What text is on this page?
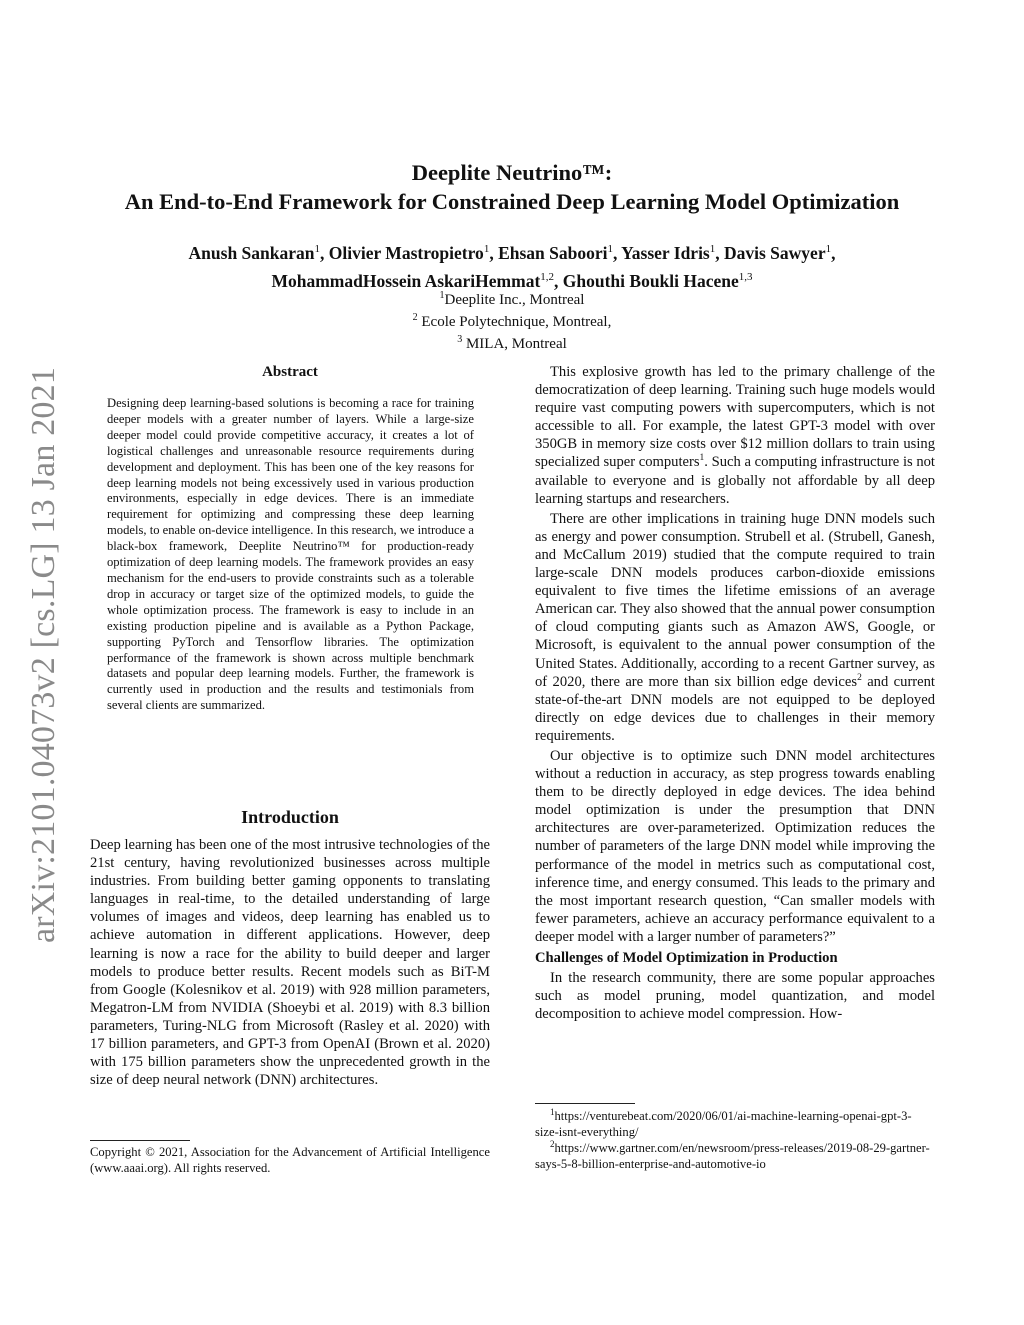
arXiv:2101.04073v2 [cs.LG] 13 Jan 2021
Deeplite Neutrino™:
An End-to-End Framework for Constrained Deep Learning Model Optimization
Anush Sankaran$^1$, Olivier Mastropietro$^1$, Ehsan Saboori$^1$, Yasser Idris$^1$, Davis Sawyer$^1$,
MohammadHossein AskariHemmat$^{1,2}$, Ghouthi Boukli Hacene$^{1,3}$
$^1$Deeplite Inc., Montreal
$^2$ Ecole Polytechnique, Montreal,
$^3$ MILA, Montreal
Abstract
Designing deep learning-based solutions is becoming a race for training deeper models with a greater number of layers. While a large-size deeper model could provide competitive accuracy, it creates a lot of logistical challenges and unreasonable resource requirements during development and deployment. This has been one of the key reasons for deep learning models not being excessively used in various production environments, especially in edge devices. There is an immediate requirement for optimizing and compressing these deep learning models, to enable on-device intelligence. In this research, we introduce a black-box framework, Deeplite Neutrino™ for production-ready optimization of deep learning models. The framework provides an easy mechanism for the end-users to provide constraints such as a tolerable drop in accuracy or target size of the optimized models, to guide the whole optimization process. The framework is easy to include in an existing production pipeline and is available as a Python Package, supporting PyTorch and Tensorflow libraries. The optimization performance of the framework is shown across multiple benchmark datasets and popular deep learning models. Further, the framework is currently used in production and the results and testimonials from several clients are summarized.
Introduction
Deep learning has been one of the most intrusive technologies of the 21st century, having revolutionized businesses across multiple industries. From building better gaming opponents to translating languages in real-time, to the detailed understanding of large volumes of images and videos, deep learning has enabled us to achieve automation in different applications. However, deep learning is now a race for the ability to build deeper and larger models to produce better results. Recent models such as BiT-M from Google (Kolesnikov et al. 2019) with 928 million parameters, Megatron-LM from NVIDIA (Shoeybi et al. 2019) with 8.3 billion parameters, Turing-NLG from Microsoft (Rasley et al. 2020) with 17 billion parameters, and GPT-3 from OpenAI (Brown et al. 2020) with 175 billion parameters show the unprecedented growth in the size of deep neural network (DNN) architectures.
Copyright © 2021, Association for the Advancement of Artificial Intelligence (www.aaai.org). All rights reserved.

This explosive growth has led to the primary challenge of the democratization of deep learning. Training such huge models would require vast computing powers with supercomputers, which is not accessible to all. For example, the latest GPT-3 model with over 350GB in memory size costs over $12 million dollars to train using specialized super computers$^1$. Such a computing infrastructure is not available to everyone and is globally not affordable by all deep learning startups and researchers.

There are other implications in training huge DNN models such as energy and power consumption. Strubell et al. (Strubell, Ganesh, and McCallum 2019) studied that the compute required to train large-scale DNN models produces carbon-dioxide emissions equivalent to five times the lifetime emissions of an average American car. They also showed that the annual power consumption of cloud computing giants such as Amazon AWS, Google, or Microsoft, is equivalent to the annual power consumption of the United States. Additionally, according to a recent Gartner survey, as of 2020, there are more than six billion edge devices$^2$ and current state-of-the-art DNN models are not equipped to be deployed directly on edge devices due to challenges in their memory requirements.

Our objective is to optimize such DNN model architectures without a reduction in accuracy, as step progress towards enabling them to be directly deployed in edge devices. The idea behind model optimization is under the presumption that DNN architectures are over-parameterized. Optimization reduces the number of parameters of the large DNN model while improving the performance of the model in metrics such as computational cost, inference time, and energy consumed. This leads to the primary and the most important research question, “Can smaller models with fewer parameters, achieve an accuracy performance equivalent to a deeper model with a larger number of parameters?”

Challenges of Model Optimization in Production

In the research community, there are some popular approaches such as model pruning, model quantization, and model decomposition to achieve model compression. How-

$^1$https://venturebeat.com/2020/06/01/ai-machine-learning-openai-gpt-3-size-isnt-everything/
$^2$https://www.gartner.com/en/newsroom/press-releases/2019-08-29-gartner-says-5-8-billion-enterprise-and-automotive-io
